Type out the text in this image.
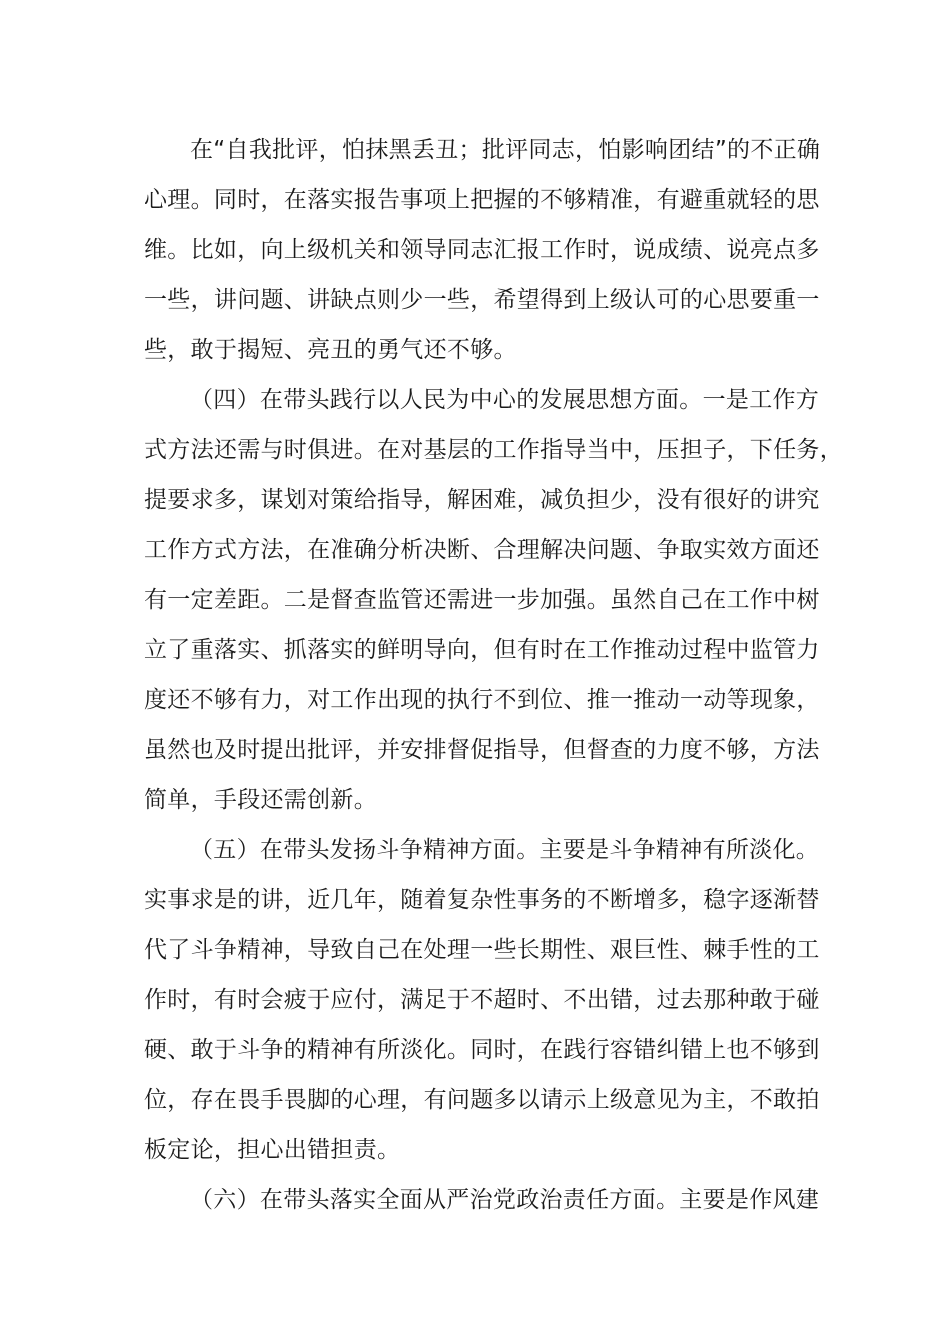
在“自我批评，怕抹黑丢丑；批评同志，怕影响团结”的不正确
心理。同时，在落实报告事项上把握的不够精准，有避重就轻的思
维。比如，向上级机关和领导同志汇报工作时，说成绩、说亮点多
一些，讲问题、讲缺点则少一些，希望得到上级认可的心思要重一
些，敢于揭短、亮丑的勇气还不够。
（四）在带头践行以人民为中心的发展思想方面。一是工作方
式方法还需与时俱进。在对基层的工作指导当中，压担子，下任务，
提要求多，谋划对策给指导，解困难，减负担少，没有很好的讲究
工作方式方法，在准确分析决断、合理解决问题、争取实效方面还
有一定差距。二是督查监管还需进一步加强。虽然自己在工作中树
立了重落实、抓落实的鲜明导向，但有时在工作推动过程中监管力
度还不够有力，对工作出现的执行不到位、推一推动一动等现象，
虽然也及时提出批评，并安排督促指导，但督查的力度不够，方法
简单，手段还需创新。
（五）在带头发扬斗争精神方面。主要是斗争精神有所淡化。
实事求是的讲，近几年，随着复杂性事务的不断增多，稳字逐渐替
代了斗争精神，导致自己在处理一些长期性、艰巨性、棘手性的工
作时，有时会疲于应付，满足于不超时、不出错，过去那种敢于碰
硬、敢于斗争的精神有所淡化。同时，在践行容错纠错上也不够到
位，存在畏手畏脚的心理，有问题多以请示上级意见为主，不敢拍
板定论，担心出错担责。
（六）在带头落实全面从严治党政治责任方面。主要是作风建
